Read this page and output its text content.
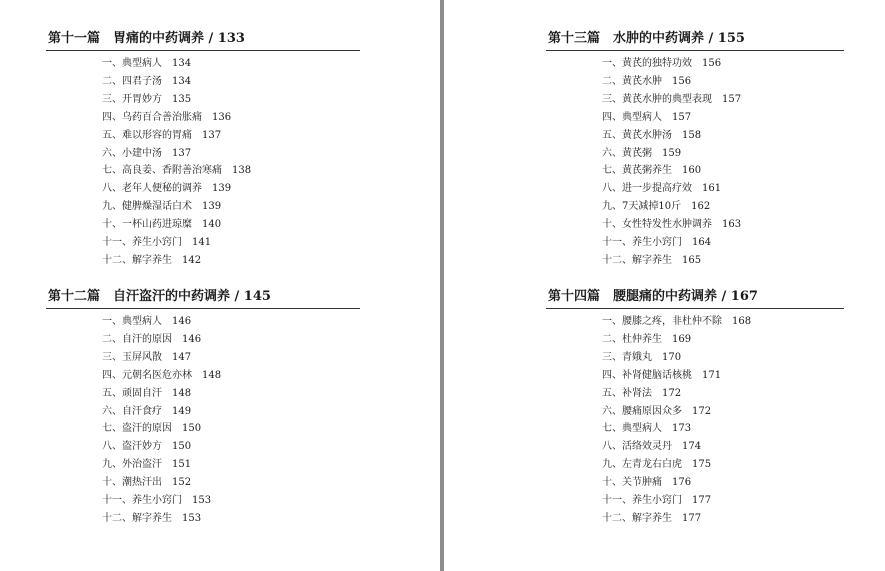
第十一篇　胃痛的中药调养 / 133
一、典型病人 134
二、四君子汤 134
三、开胃妙方 135
四、乌药百合善治胀痛 136
五、难以形容的胃痛 137
六、小建中汤 137
七、高良姜、香附善治寒痛 138
八、老年人便秘的调养 139
九、健脾燥湿话白术 139
十、一杯山药进琼糜 140
十一、养生小窍门 141
十二、解字养生 142
第十二篇　自汗盗汗的中药调养 / 145
一、典型病人 146
二、自汗的原因 146
三、玉屏风散 147
四、元朝名医危亦林 148
五、顽固自汗 148
六、自汗食疗 149
七、盗汗的原因 150
八、盗汗妙方 150
九、外治盗汗 151
十、潮热汗出 152
十一、养生小窍门 153
十二、解字养生 153
第十三篇　水肿的中药调养 / 155
一、黄芪的独特功效 156
二、黄芪水肿 156
三、黄芪水肿的典型表现 157
四、典型病人 157
五、黄芪水肿汤 158
六、黄芪粥 159
七、黄芪粥养生 160
八、进一步提高疗效 161
九、7天减掉10斤 162
十、女性特发性水肿调养 163
十一、养生小窍门 164
十二、解字养生 165
第十四篇　腰腿痛的中药调养 / 167
一、腰膝之疼，非杜仲不除 168
二、杜仲养生 169
三、青娥丸 170
四、补肾健脑话核桃 171
五、补肾法 172
六、腰痛原因众多 172
七、典型病人 173
八、活络效灵丹 174
九、左青龙右白虎 175
十、关节肿痛 176
十一、养生小窍门 177
十二、解字养生 177
